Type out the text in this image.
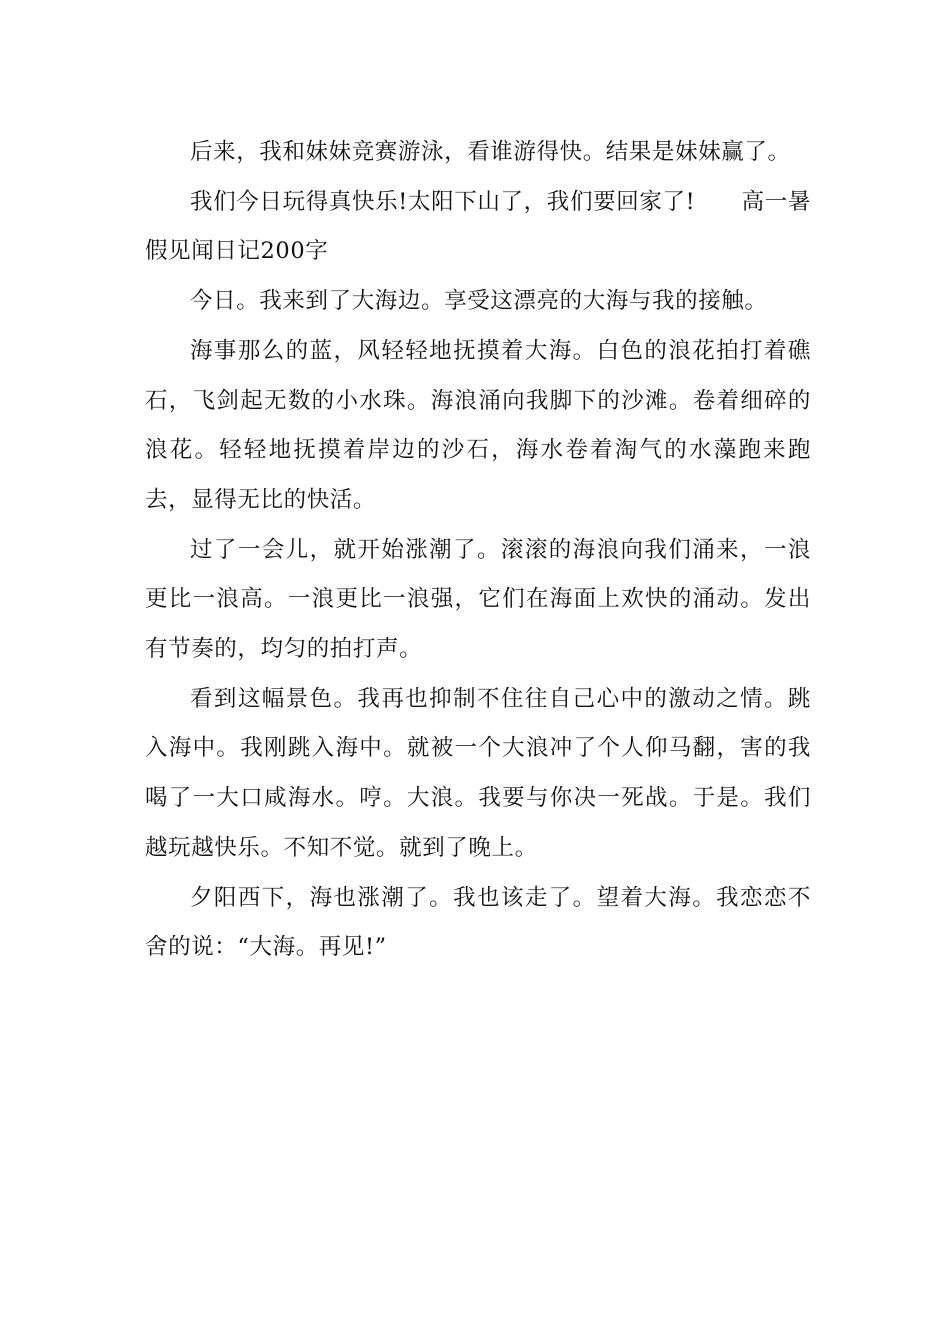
后来，我和妹妹竞赛游泳，看谁游得快。结果是妹妹赢了。

我们今日玩得真快乐!太阳下山了，我们要回家了!　　高一暑假见闻日记200字

今日。我来到了大海边。享受这漂亮的大海与我的接触。

海事那么的蓝，风轻轻地抚摸着大海。白色的浪花拍打着礁石，飞剑起无数的小水珠。海浪涌向我脚下的沙滩。卷着细碎的浪花。轻轻地抚摸着岸边的沙石，海水卷着淘气的水藻跑来跑去，显得无比的快活。

过了一会儿，就开始涨潮了。滚滚的海浪向我们涌来，一浪更比一浪高。一浪更比一浪强，它们在海面上欢快的涌动。发出有节奏的，均匀的拍打声。

看到这幅景色。我再也抑制不住往自己心中的激动之情。跳入海中。我刚跳入海中。就被一个大浪冲了个人仰马翻，害的我喝了一大口咸海水。哼。大浪。我要与你决一死战。于是。我们越玩越快乐。不知不觉。就到了晚上。

夕阳西下，海也涨潮了。我也该走了。望着大海。我恋恋不舍的说：“大海。再见!”
